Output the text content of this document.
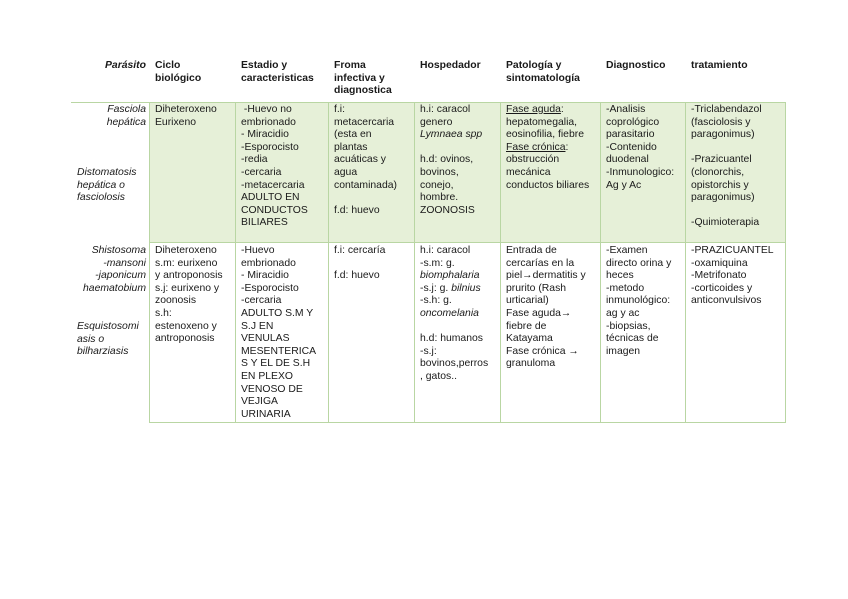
Parásito Ciclo
biológico
Estadio y
caracteristicas
Froma
infectiva y
diagnostica
Hospedador Patología y
sintomatología
Diagnostico tratamiento
Fasciola
hepática
Distomatosis
hepática o
fasciolosis
Diheteroxeno
Eurixeno
-Huevo no
embrionado
- Miracidio
-Esporocisto
-redia
-cercaria
-metacercaria
ADULTO EN
CONDUCTOS
BILIARES
f.i:
metacercaria
(esta en
plantas
acuáticas y
agua
contaminada)
f.d: huevo
h.i: caracol
genero
Lymnaea spp
h.d: ovinos,
bovinos,
conejo,
hombre.
ZOONOSIS
Fase aguda:
hepatomegalia,
eosinofilia, fiebre
Fase crónica:
obstrucción
mecánica
conductos biliares
-Analisis
coprológico
parasitario
-Contenido
duodenal
-Inmunologico:
Ag y Ac
-Triclabendazol
(fasciolosis y
paragonimus)
-Prazicuantel
(clonorchis,
opistorchis y
paragonimus)
-Quimioterapia
Shistosoma
-mansoni
-japonicum
haematobium
Esquistosomi
asis o
bilharziasis
Diheteroxeno
s.m: eurixeno
y antroponosis
s.j: eurixeno y
zoonosis
s.h:
estenoxeno y
antroponosis
-Huevo
embrionado
- Miracidio
-Esporocisto
-cercaria
ADULTO S.M Y
S.J EN
VENULAS
MESENTERICA
S Y EL DE S.H
EN PLEXO
VENOSO DE
VEJIGA
URINARIA
f.i: cercaría
f.d: huevo
h.i: caracol
-s.m: g.
biomphalaria
-s.j: g. bilnius
-s.h: g.
oncomelania
h.d: humanos
-s.j:
bovinos,perros
, gatos..
Entrada de
cercarías en la
piel→dermatitis y
prurito (Rash
urticarial)
Fase aguda→
fiebre de
Katayama
Fase crónica →
granuloma
-Examen
directo orina y
heces
-metodo
inmunológico:
ag y ac
-biopsias,
técnicas de
imagen
-PRAZICUANTEL
-oxamiquina
-Metrifonato
-corticoides y
anticonvulsivos
